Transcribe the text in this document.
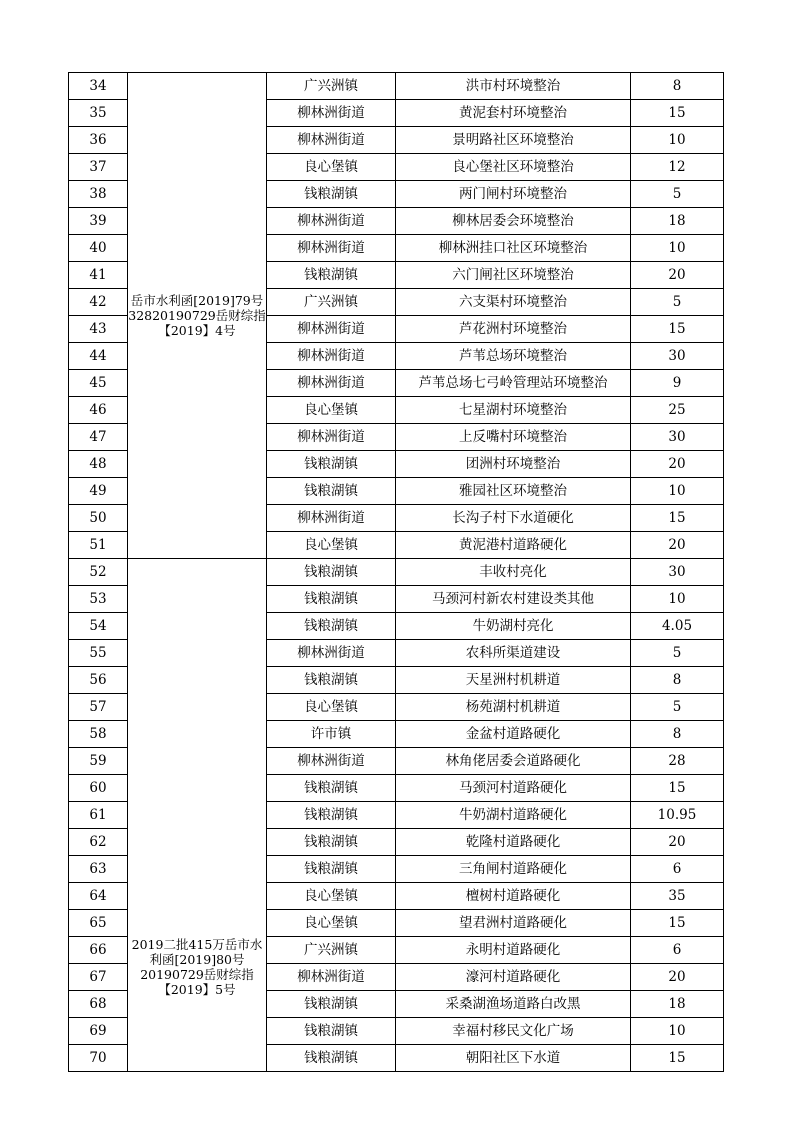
34	岳市水利函[2019]79号32820190729岳财综指【2019】4号	广兴洲镇	洪市村环境整治	8
35		柳林洲街道	黄泥套村环境整治	15
36		柳林洲街道	景明路社区环境整治	10
37		良心堡镇	良心堡社区环境整治	12
38		钱粮湖镇	两门闸村环境整治	5
39		柳林洲街道	柳林居委会环境整治	18
40		柳林洲街道	柳林洲挂口社区环境整治	10
41		钱粮湖镇	六门闸社区环境整治	20
42		广兴洲镇	六支渠村环境整治	5
43		柳林洲街道	芦花洲村环境整治	15
44		柳林洲街道	芦苇总场环境整治	30
45		柳林洲街道	芦苇总场七弓岭管理站环境整治	9
46		良心堡镇	七星湖村环境整治	25
47		柳林洲街道	上反嘴村环境整治	30
48		钱粮湖镇	团洲村环境整治	20
49		钱粮湖镇	雅园社区环境整治	10
50		柳林洲街道	长沟子村下水道硬化	15
51		良心堡镇	黄泥港村道路硬化	20
52	2019二批415万岳市水利函[2019]80号20190729岳财综指【2019】5号	钱粮湖镇	丰收村亮化	30
53		钱粮湖镇	马颈河村新农村建设类其他	10
54		钱粮湖镇	牛奶湖村亮化	4.05
55		柳林洲街道	农科所渠道建设	5
56		钱粮湖镇	天星洲村机耕道	8
57		良心堡镇	杨苑湖村机耕道	5
58		许市镇	金盆村道路硬化	8
59		柳林洲街道	林角佬居委会道路硬化	28
60		钱粮湖镇	马颈河村道路硬化	15
61		钱粮湖镇	牛奶湖村道路硬化	10.95
62		钱粮湖镇	乾隆村道路硬化	20
63		钱粮湖镇	三角闸村道路硬化	6
64		良心堡镇	檀树村道路硬化	35
65		良心堡镇	望君洲村道路硬化	15
66		广兴洲镇	永明村道路硬化	6
67		柳林洲街道	濠河村道路硬化	20
68		钱粮湖镇	采桑湖渔场道路白改黑	18
69		钱粮湖镇	幸福村移民文化广场	10
70		钱粮湖镇	朝阳社区下水道	15
